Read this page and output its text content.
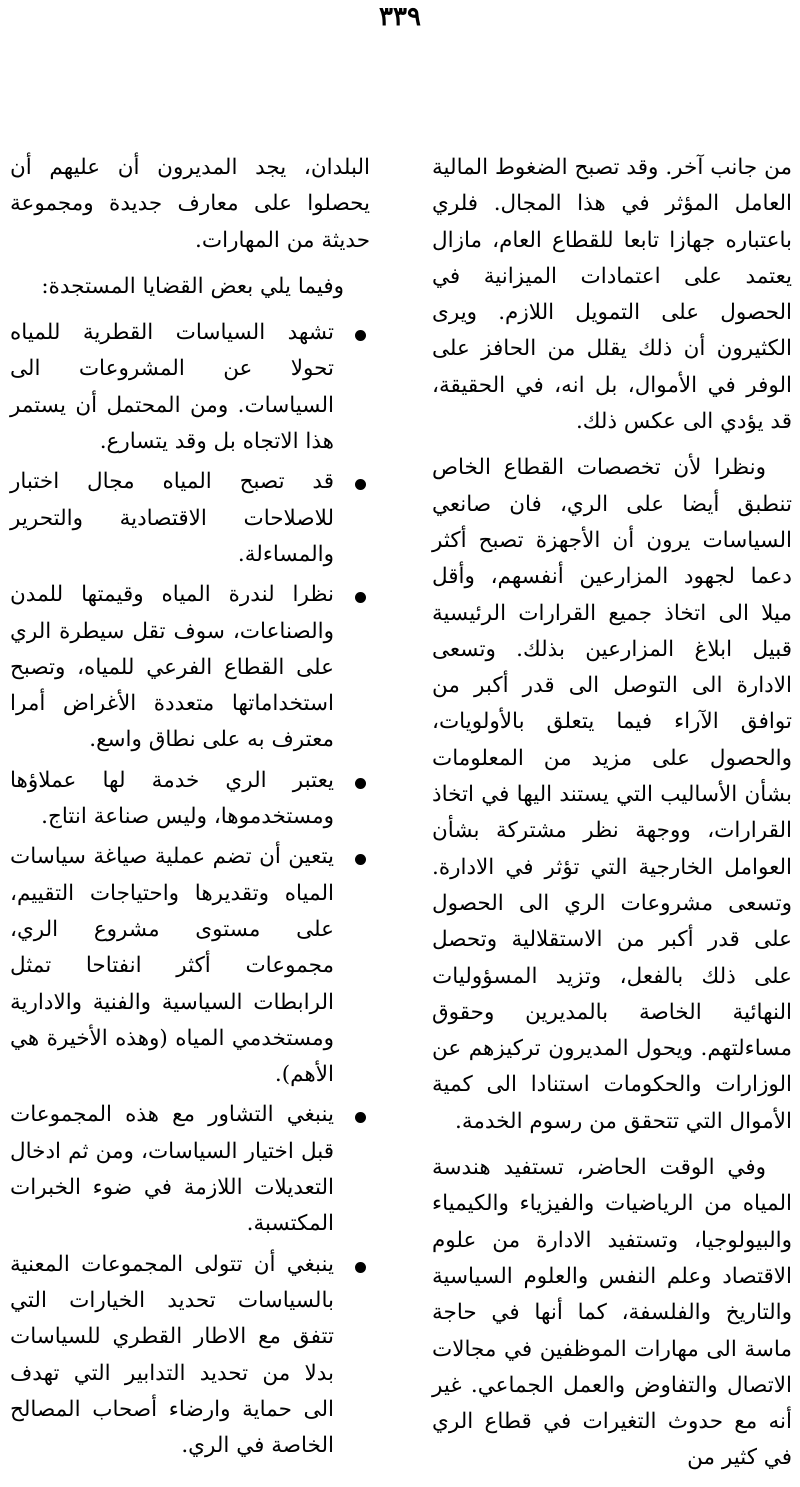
٣٣٩

من جانب آخر. وقد تصبح الضغوط المالية العامل المؤثر في هذا المجال. فلري باعتباره جهازا تابعا للقطاع العام، مازال يعتمد على اعتمادات الميزانية في الحصول على التمويل اللازم. ويرى الكثيرون أن ذلك يقلل من الحافز على الوفر في الأموال، بل انه، في الحقيقة، قد يؤدي الى عكس ذلك.

ونظرا لأن تخصصات القطاع الخاص تنطبق أيضا على الري، فان صانعي السياسات يرون أن الأجهزة تصبح أكثر دعما لجهود المزارعين أنفسهم، وأقل ميلا الى اتخاذ جميع القرارات الرئيسية قبيل ابلاغ المزارعين بذلك. وتسعى الادارة الى التوصل الى قدر أكبر من توافق الآراء فيما يتعلق بالأولويات، والحصول على مزيد من المعلومات بشأن الأساليب التي يستند اليها في اتخاذ القرارات، ووجهة نظر مشتركة بشأن العوامل الخارجية التي تؤثر في الادارة. وتسعى مشروعات الري الى الحصول على قدر أكبر من الاستقلالية وتحصل على ذلك بالفعل، وتزيد المسؤوليات النهائية الخاصة بالمديرين وحقوق مساءلتهم. ويحول المديرون تركيزهم عن الوزارات والحكومات استنادا الى كمية الأموال التي تتحقق من رسوم الخدمة.

وفي الوقت الحاضر، تستفيد هندسة المياه من الرياضيات والفيزياء والكيمياء والبيولوجيا، وتستفيد الادارة من علوم الاقتصاد وعلم النفس والعلوم السياسية والتاريخ والفلسفة، كما أنها في حاجة ماسة الى مهارات الموظفين في مجالات الاتصال والتفاوض والعمل الجماعي. غير أنه مع حدوث التغيرات في قطاع الري في كثير من

البلدان، يجد المديرون أن عليهم أن يحصلوا على معارف جديدة ومجموعة حديثة من المهارات.

وفيما يلي بعض القضايا المستجدة:

تشهد السياسات القطرية للمياه تحولا عن المشروعات الى السياسات. ومن المحتمل أن يستمر هذا الاتجاه بل وقد يتسارع.
قد تصبح المياه مجال اختبار للاصلاحات الاقتصادية والتحرير والمساءلة.
نظرا لندرة المياه وقيمتها للمدن والصناعات، سوف تقل سيطرة الري على القطاع الفرعي للمياه، وتصبح استخداماتها متعددة الأغراض أمرا معترف به على نطاق واسع.
يعتبر الري خدمة لها عملاؤها ومستخدموها، وليس صناعة انتاج.
يتعين أن تضم عملية صياغة سياسات المياه وتقديرها واحتياجات التقييم، على مستوى مشروع الري، مجموعات أكثر انفتاحا تمثل الرابطات السياسية والفنية والادارية ومستخدمي المياه (وهذه الأخيرة هي الأهم).
ينبغي التشاور مع هذه المجموعات قبل اختيار السياسات، ومن ثم ادخال التعديلات اللازمة في ضوء الخبرات المكتسبة.
ينبغي أن تتولى المجموعات المعنية بالسياسات تحديد الخيارات التي تتفق مع الاطار القطري للسياسات بدلا من تحديد التدابير التي تهدف الى حماية وارضاء أصحاب المصالح الخاصة في الري.
